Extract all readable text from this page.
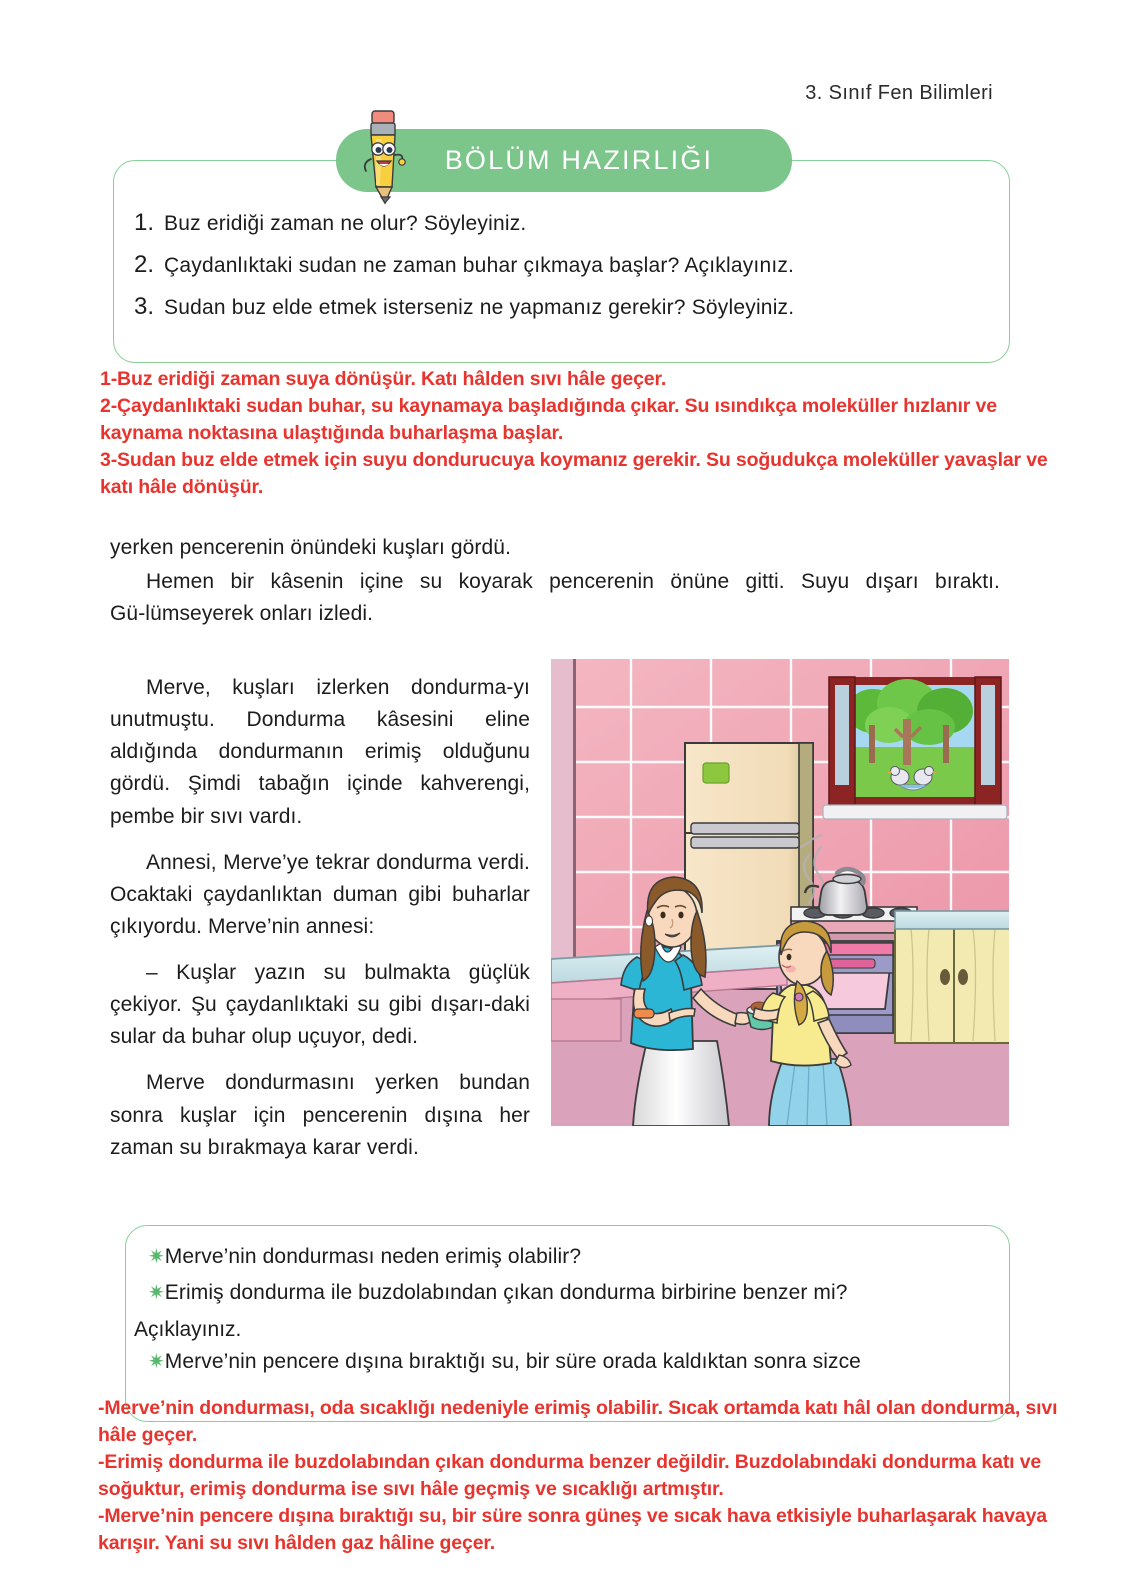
3. Sınıf Fen Bilimleri
BÖLÜM HAZIRLIĞI
1. Buz eridiği zaman ne olur? Söyleyiniz.
2. Çaydanlıktaki sudan ne zaman buhar çıkmaya başlar? Açıklayınız.
3. Sudan buz elde etmek isterseniz ne yapmanız gerekir? Söyleyiniz.
1-Buz eridiği zaman suya dönüşür. Katı hâlden sıvı hâle geçer.
2-Çaydanlıktaki sudan buhar, su kaynamaya başladığında çıkar. Su ısındıkça moleküller hızlanır ve kaynama noktasına ulaştığında buharlaşma başlar.
3-Sudan buz elde etmek için suyu dondurucuya koymanız gerekir. Su soğudukça moleküller yavaşlar ve katı hâle dönüşür.

yerken pencerenin önündeki kuşları gördü.

Hemen bir kâsenin içine su koyarak pencerenin önüne gitti. Suyu dışarı bıraktı. Gü‑lümseyerek onları izledi.

Merve, kuşları izlerken dondurma‑yı unutmuştu. Dondurma kâsesini eline aldığında dondurmanın erimiş olduğunu gördü. Şimdi tabağın içinde kahverengi, pembe bir sıvı vardı.

Annesi, Merve’ye tekrar dondurma verdi. Ocaktaki çaydanlıktan duman gibi buharlar çıkıyordu. Merve’nin annesi:

– Kuşlar yazın su bulmakta güçlük çekiyor. Şu çaydanlıktaki su gibi dışarı‑daki sular da buhar olup uçuyor, dedi.

Merve dondurmasını yerken bundan sonra kuşlar için pencerenin dışına her zaman su bırakmaya karar verdi.

✷ Merve’nin dondurması neden erimiş olabilir?
✷ Erimiş dondurma ile buzdolabından çıkan dondurma birbirine benzer mi?
Açıklayınız.
✷ Merve’nin pencere dışına bıraktığı su, bir süre orada kaldıktan sonra sizce
-Merve’nin dondurması, oda sıcaklığı nedeniyle erimiş olabilir. Sıcak ortamda katı hâl olan dondurma, sıvı hâle geçer.
-Erimiş dondurma ile buzdolabından çıkan dondurma benzer değildir. Buzdolabındaki dondurma katı ve soğuktur, erimiş dondurma ise sıvı hâle geçmiş ve sıcaklığı artmıştır.
-Merve’nin pencere dışına bıraktığı su, bir süre sonra güneş ve sıcak hava etkisiyle buharlaşarak havaya karışır. Yani su sıvı hâlden gaz hâline geçer.
